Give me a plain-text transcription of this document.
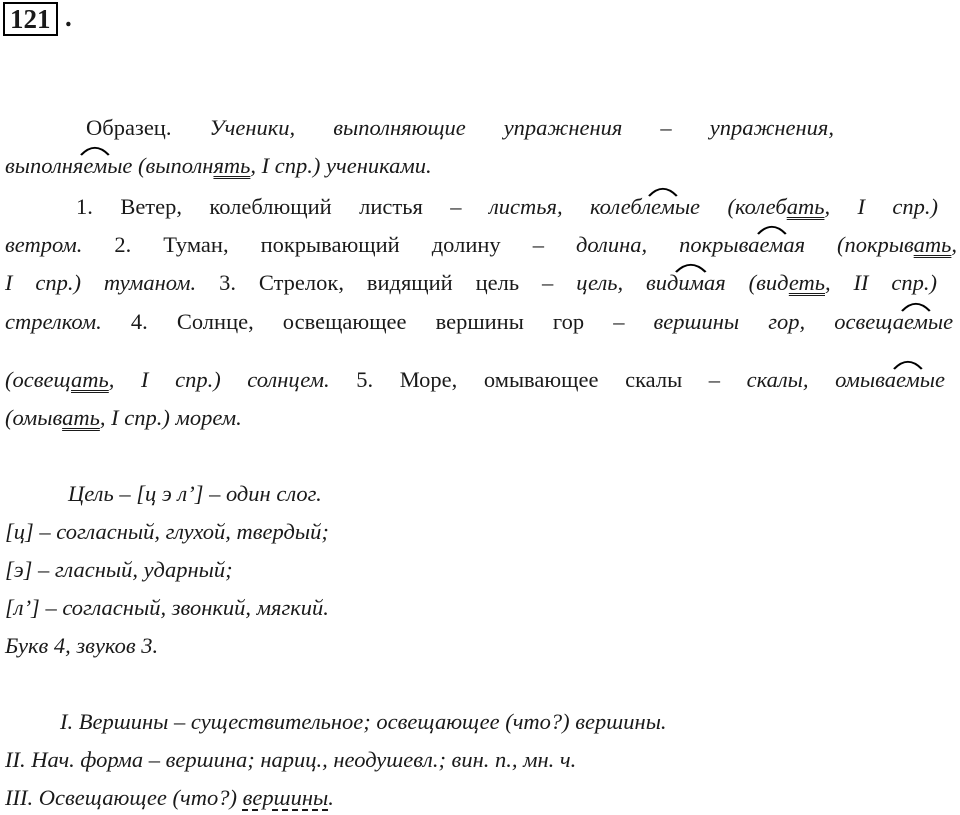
121 .
Образец. Ученики, выполняющие упражнения – упражнения,
выполня
емые (выполнять, I спр.) учениками.
1. Ветер, колеблющий листья – листья, колебл
емые (колебать, I спр.)
ветром. 2. Туман, покрывающий долину – долина, покрыва
емая (покрывать,
I спр.) туманом. 3. Стрелок, видящий цель – цель, вид
имая (видеть, II спр.)
стрелком. 4. Солнце, освещающее вершины гор – вершины гор, освеща
емые
(освещать, I спр.) солнцем. 5. Море, омывающее скалы – скалы, омыва
емые
(омывать, I спр.) морем.
Цель – [ц э л’] – один слог.
[ц] – согласный, глухой, твердый;
[э] – гласный, ударный;
[л’] – согласный, звонкий, мягкий.
Букв 4, звуков 3.
I. Вершины – существительное; освещающее (что?) вершины.
II. Нач. форма – вершина; нариц., неодушевл.; вин. п., мн. ч.
III. Освещающее (что?) вершины.
